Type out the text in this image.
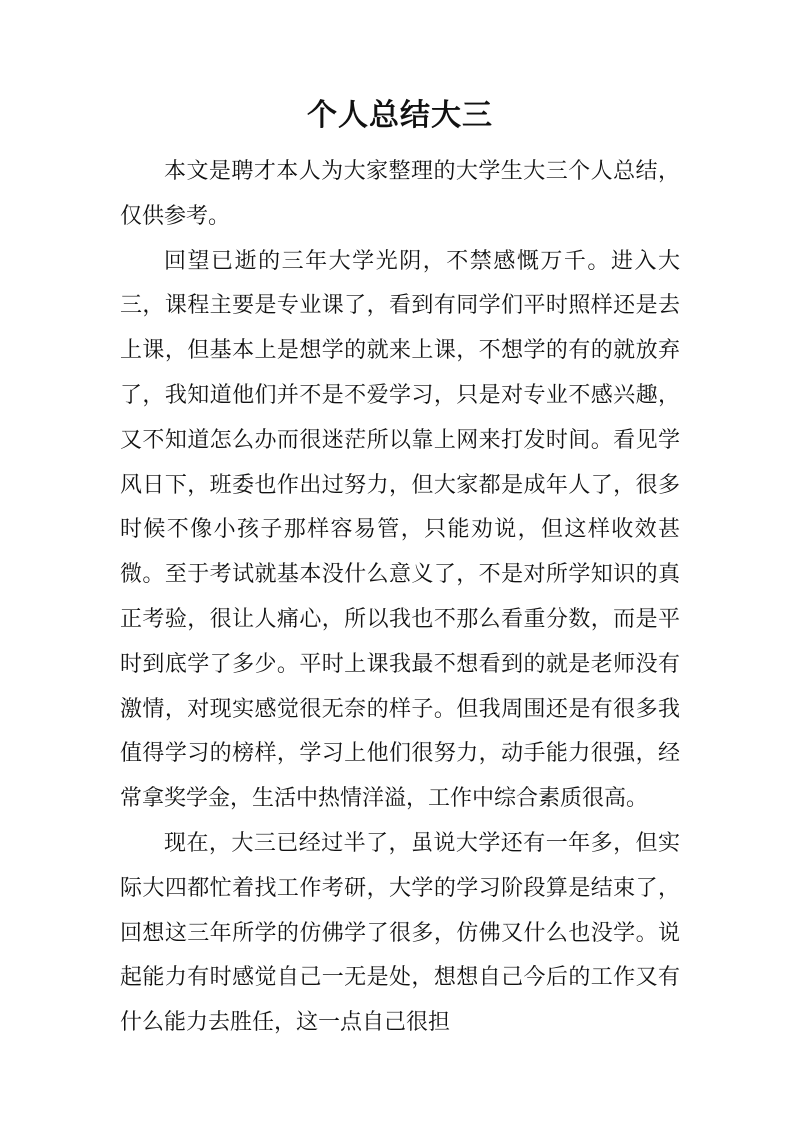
个人总结大三

本文是聘才本人为大家整理的大学生大三个人总结，仅供参考。

回望已逝的三年大学光阴，不禁感慨万千。进入大三，课程主要是专业课了，看到有同学们平时照样还是去上课，但基本上是想学的就来上课，不想学的有的就放弃了，我知道他们并不是不爱学习，只是对专业不感兴趣，又不知道怎么办而很迷茫所以靠上网来打发时间。看见学风日下，班委也作出过努力，但大家都是成年人了，很多时候不像小孩子那样容易管，只能劝说，但这样收效甚微。至于考试就基本没什么意义了，不是对所学知识的真正考验，很让人痛心，所以我也不那么看重分数，而是平时到底学了多少。平时上课我最不想看到的就是老师没有激情，对现实感觉很无奈的样子。但我周围还是有很多我值得学习的榜样，学习上他们很努力，动手能力很强，经常拿奖学金，生活中热情洋溢，工作中综合素质很高。

现在，大三已经过半了，虽说大学还有一年多，但实际大四都忙着找工作考研，大学的学习阶段算是结束了，回想这三年所学的仿佛学了很多，仿佛又什么也没学。说起能力有时感觉自己一无是处，想想自己今后的工作又有什么能力去胜任，这一点自己很担
